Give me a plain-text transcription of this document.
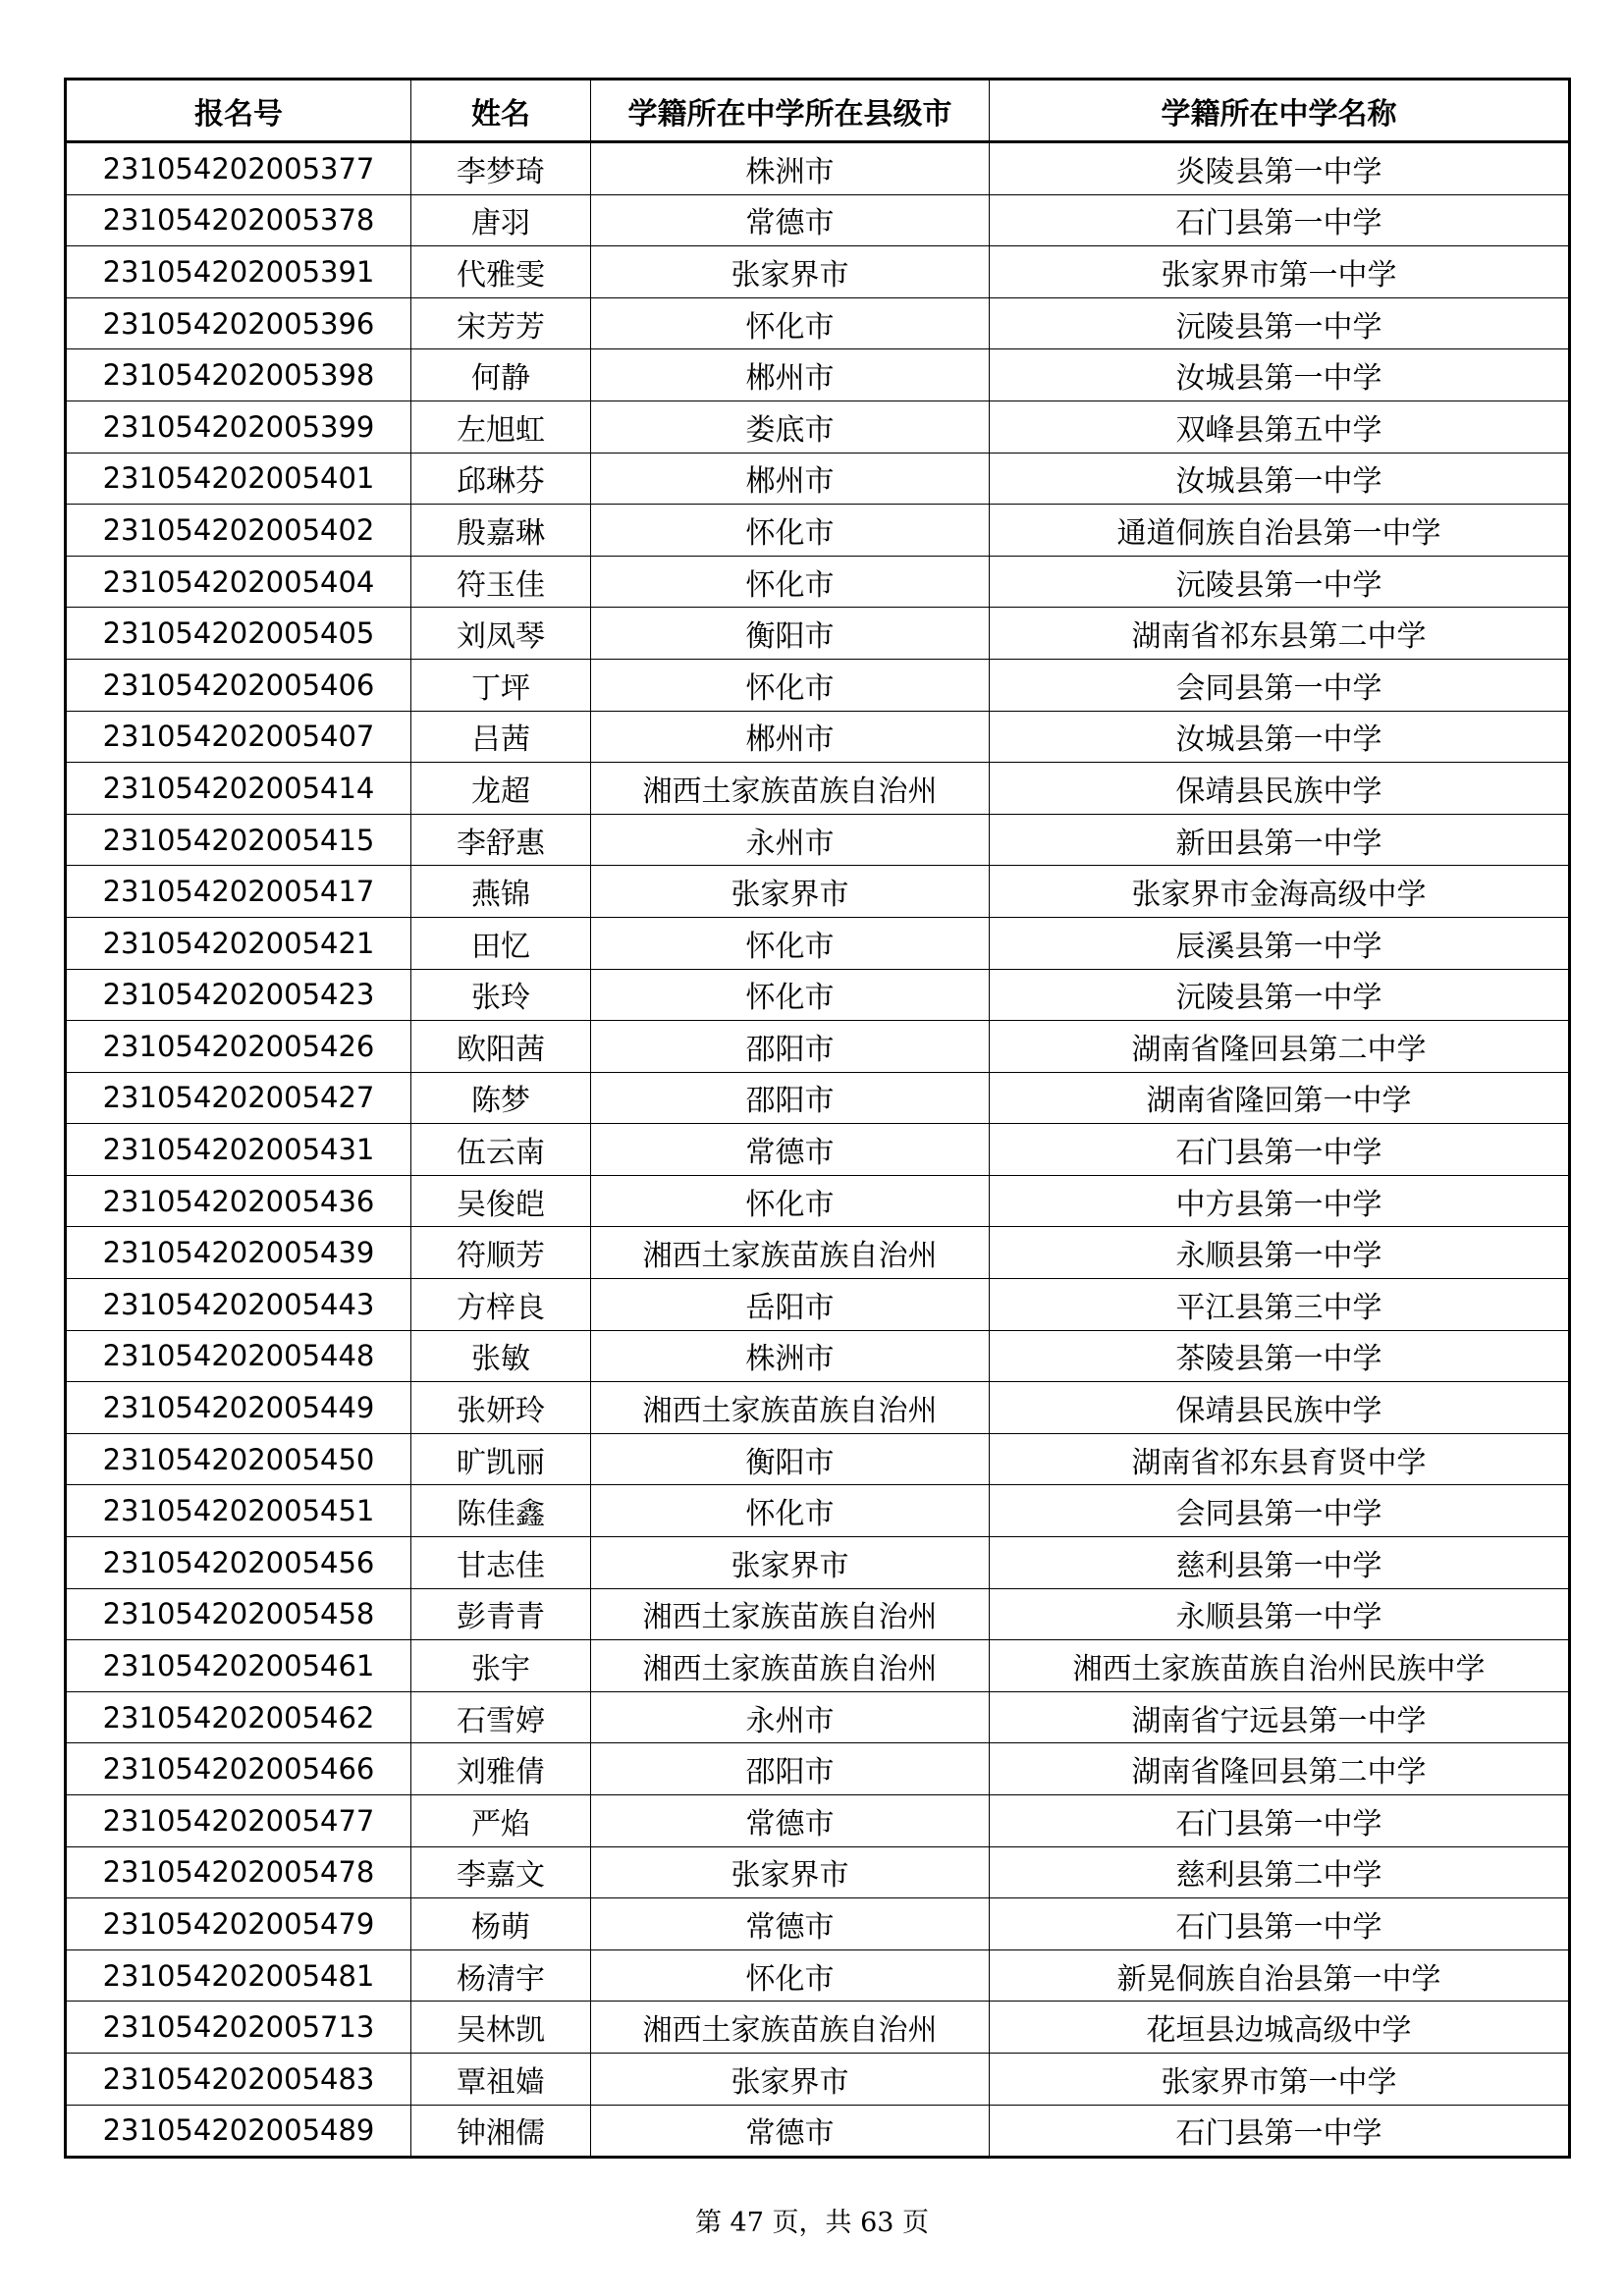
报名号	姓名	学籍所在中学所在县级市	学籍所在中学名称
231054202005377	李梦琦	株洲市	炎陵县第一中学
231054202005378	唐羽	常德市	石门县第一中学
231054202005391	代雅雯	张家界市	张家界市第一中学
231054202005396	宋芳芳	怀化市	沅陵县第一中学
231054202005398	何静	郴州市	汝城县第一中学
231054202005399	左旭虹	娄底市	双峰县第五中学
231054202005401	邱琳芬	郴州市	汝城县第一中学
231054202005402	殷嘉琳	怀化市	通道侗族自治县第一中学
231054202005404	符玉佳	怀化市	沅陵县第一中学
231054202005405	刘凤琴	衡阳市	湖南省祁东县第二中学
231054202005406	丁坪	怀化市	会同县第一中学
231054202005407	吕茜	郴州市	汝城县第一中学
231054202005414	龙超	湘西土家族苗族自治州	保靖县民族中学
231054202005415	李舒惠	永州市	新田县第一中学
231054202005417	燕锦	张家界市	张家界市金海高级中学
231054202005421	田忆	怀化市	辰溪县第一中学
231054202005423	张玲	怀化市	沅陵县第一中学
231054202005426	欧阳茜	邵阳市	湖南省隆回县第二中学
231054202005427	陈梦	邵阳市	湖南省隆回第一中学
231054202005431	伍云南	常德市	石门县第一中学
231054202005436	吴俊皑	怀化市	中方县第一中学
231054202005439	符顺芳	湘西土家族苗族自治州	永顺县第一中学
231054202005443	方梓良	岳阳市	平江县第三中学
231054202005448	张敏	株洲市	茶陵县第一中学
231054202005449	张妍玲	湘西土家族苗族自治州	保靖县民族中学
231054202005450	旷凯丽	衡阳市	湖南省祁东县育贤中学
231054202005451	陈佳鑫	怀化市	会同县第一中学
231054202005456	甘志佳	张家界市	慈利县第一中学
231054202005458	彭青青	湘西土家族苗族自治州	永顺县第一中学
231054202005461	张宇	湘西土家族苗族自治州	湘西土家族苗族自治州民族中学
231054202005462	石雪婷	永州市	湖南省宁远县第一中学
231054202005466	刘雅倩	邵阳市	湖南省隆回县第二中学
231054202005477	严焰	常德市	石门县第一中学
231054202005478	李嘉文	张家界市	慈利县第二中学
231054202005479	杨萌	常德市	石门县第一中学
231054202005481	杨清宇	怀化市	新晃侗族自治县第一中学
231054202005713	吴林凯	湘西土家族苗族自治州	花垣县边城高级中学
231054202005483	覃祖嫱	张家界市	张家界市第一中学
231054202005489	钟湘儒	常德市	石门县第一中学
第 47 页，共 63 页
